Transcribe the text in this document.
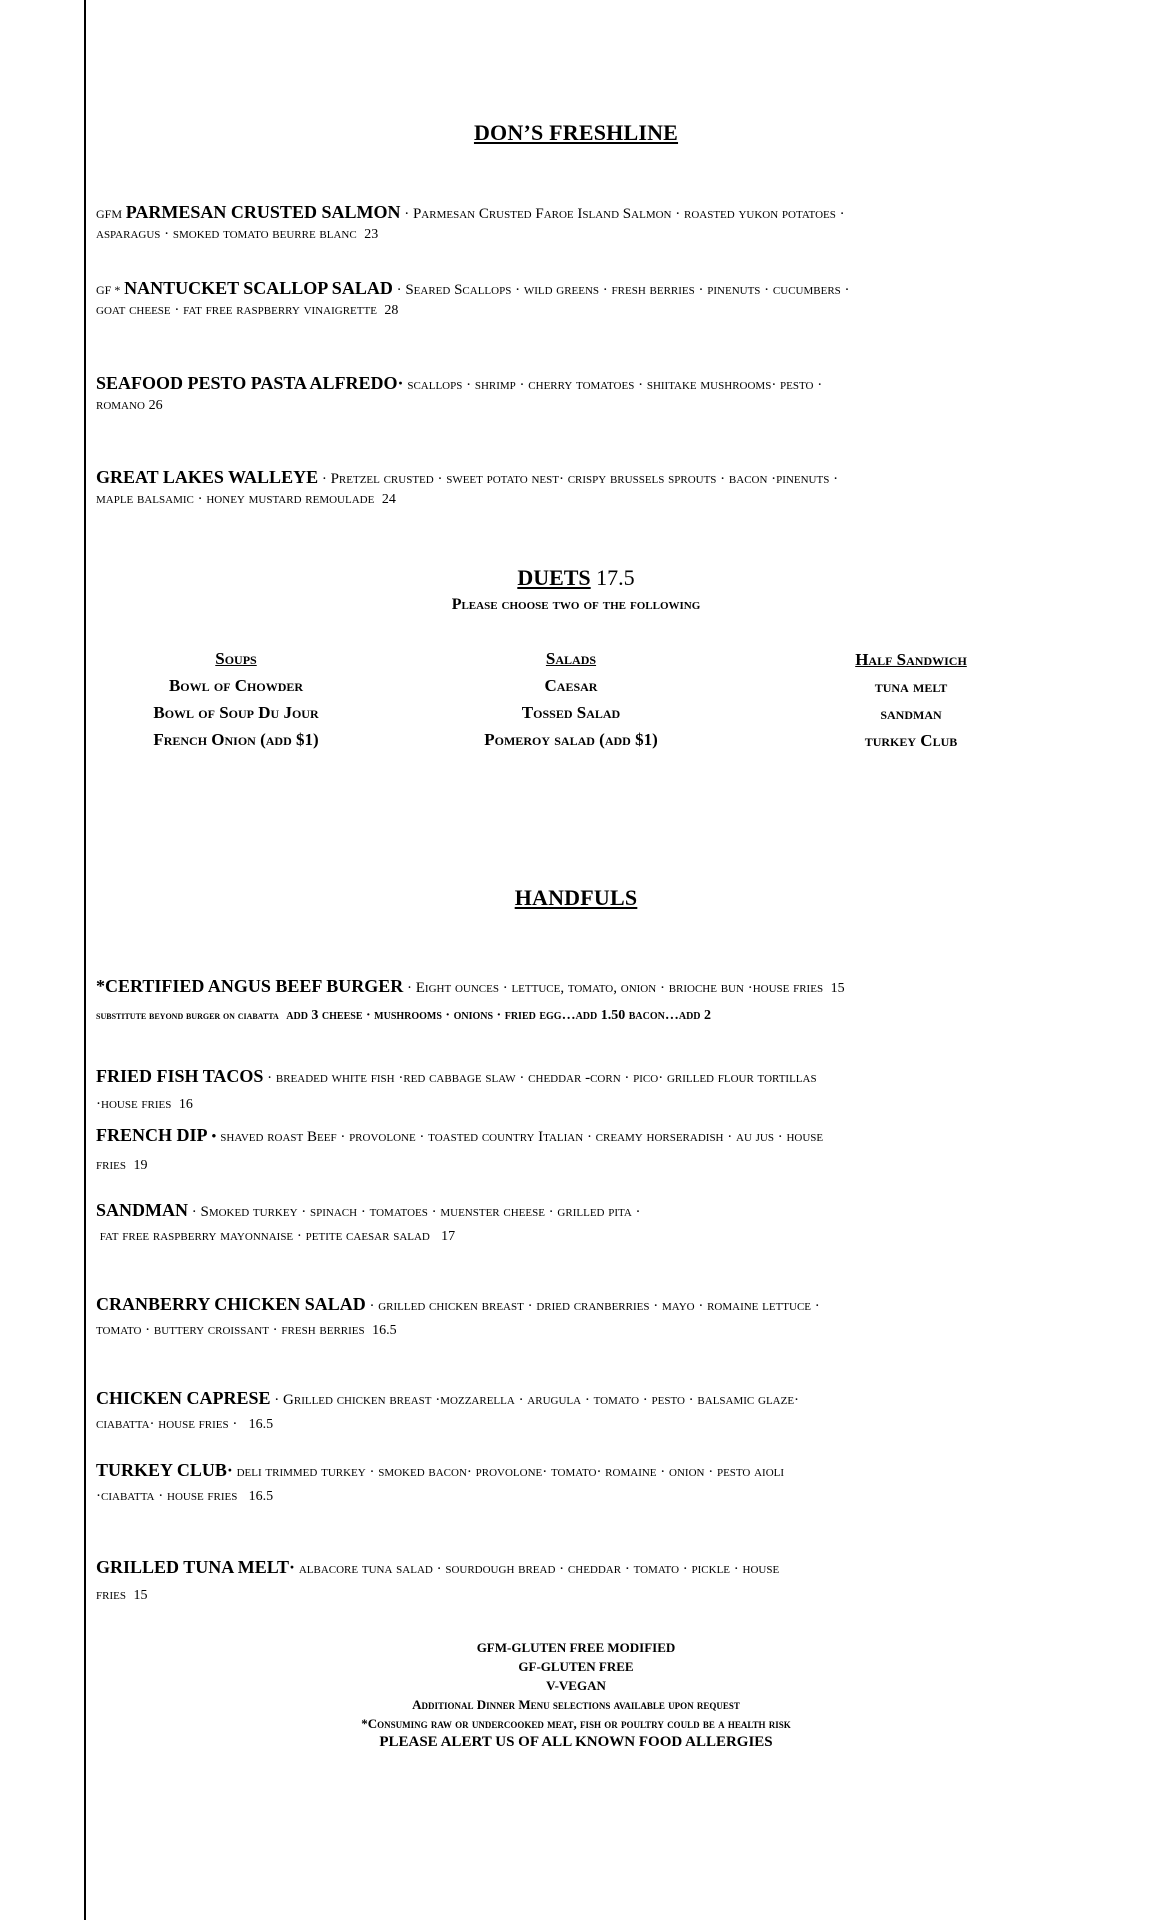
DON’S FRESHLINE
GFM PARMESAN CRUSTED SALMON · Parmesan Crusted Faroe Island Salmon · roasted yukon potatoes ·
asparagus · smoked tomato beurre blanc 23
GF * NANTUCKET SCALLOP SALAD · Seared Scallops · wild greens · fresh berries · pinenuts · cucumbers ·
goat cheese · fat free raspberry vinaigrette 28
SEAFOOD PESTO PASTA ALFREDO· scallops · shrimp · cherry tomatoes · shiitake mushrooms· pesto ·
romano 26
GREAT LAKES WALLEYE · Pretzel crusted · sweet potato nest· crispy brussels sprouts · bacon ·pinenuts ·
maple balsamic · honey mustard remoulade 24
DUETS 17.5
Please choose two of the following
Soups
Bowl of Chowder
Bowl of Soup Du Jour
French Onion (add $1)
Salads
Caesar
Tossed Salad
Pomeroy salad (add $1)
Half Sandwich
tuna melt
sandman
turkey Club
HANDFULS
*CERTIFIED ANGUS BEEF BURGER · Eight ounces · lettuce, tomato, onion · brioche bun ·house fries 15
substitute beyond burger on ciabatta add 3 cheese · mushrooms · onions · fried egg…add 1.50 bacon…add 2
FRIED FISH TACOS · breaded white fish ·red cabbage slaw · cheddar -corn · pico· grilled flour tortillas
·house fries 16
FRENCH DIP • shaved roast Beef · provolone · toasted country Italian · creamy horseradish · au jus · house
fries 19
SANDMAN · Smoked turkey · spinach · tomatoes · muenster cheese · grilled pita ·
fat free raspberry mayonnaise · petite caesar salad 17
CRANBERRY CHICKEN SALAD · grilled chicken breast · dried cranberries · mayo · romaine lettuce ·
tomato · buttery croissant · fresh berries 16.5
CHICKEN CAPRESE · Grilled chicken breast ·mozzarella · arugula · tomato · pesto · balsamic glaze·
ciabatta· house fries · 16.5
TURKEY CLUB· deli trimmed turkey · smoked bacon· provolone· tomato· romaine · onion · pesto aioli
·ciabatta · house fries 16.5
GRILLED TUNA MELT· albacore tuna salad · sourdough bread · cheddar · tomato · pickle · house
fries 15
GFM-GLUTEN FREE MODIFIED
GF-GLUTEN FREE
V-VEGAN
Additional Dinner Menu selections available upon request
*Consuming raw or undercooked meat, fish or poultry could be a health risk
PLEASE ALERT US OF ALL KNOWN FOOD ALLERGIES
